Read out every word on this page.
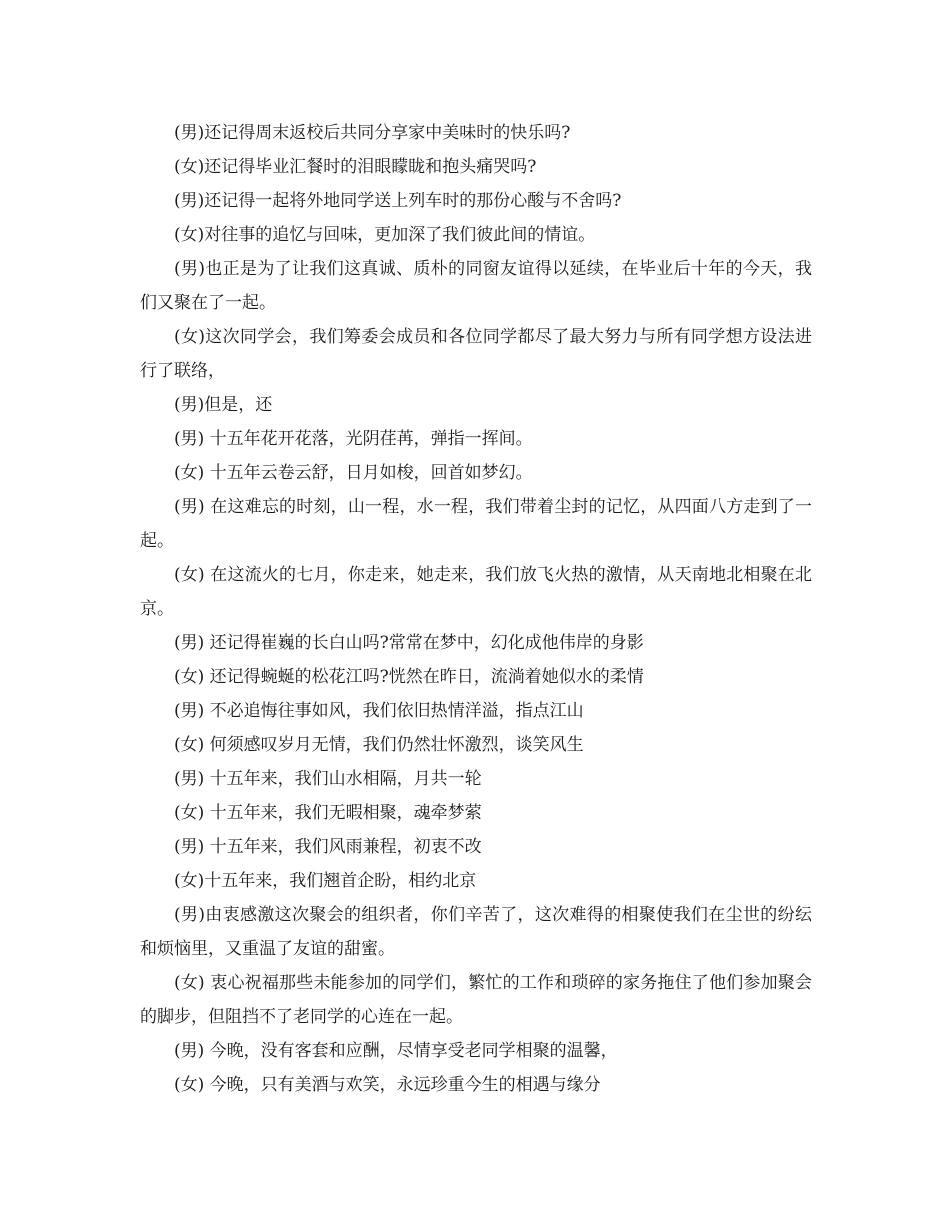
(男)还记得周末返校后共同分享家中美味时的快乐吗?

(女)还记得毕业汇餐时的泪眼矇眬和抱头痛哭吗?

(男)还记得一起将外地同学送上列车时的那份心酸与不舍吗?

(女)对往事的追忆与回味，更加深了我们彼此间的情谊。

(男)也正是为了让我们这真诚、质朴的同窗友谊得以延续，在毕业后十年的今天，我们又聚在了一起。

(女)这次同学会，我们筹委会成员和各位同学都尽了最大努力与所有同学想方设法进行了联络，

(男)但是，还

(男) 十五年花开花落，光阴荏苒，弹指一挥间。

(女) 十五年云卷云舒，日月如梭，回首如梦幻。

(男) 在这难忘的时刻，山一程，水一程，我们带着尘封的记忆，从四面八方走到了一起。

(女) 在这流火的七月，你走来，她走来，我们放飞火热的激情，从天南地北相聚在北京。

(男) 还记得崔巍的长白山吗?常常在梦中，幻化成他伟岸的身影

(女) 还记得蜿蜒的松花江吗?恍然在昨日，流淌着她似水的柔情

(男) 不必追悔往事如风，我们依旧热情洋溢，指点江山

(女) 何须感叹岁月无情，我们仍然壮怀激烈，谈笑风生

(男) 十五年来，我们山水相隔，月共一轮

(女) 十五年来，我们无暇相聚，魂牵梦萦

(男) 十五年来，我们风雨兼程，初衷不改

(女)十五年来，我们翘首企盼，相约北京

(男)由衷感激这次聚会的组织者，你们辛苦了，这次难得的相聚使我们在尘世的纷纭和烦恼里，又重温了友谊的甜蜜。

(女) 衷心祝福那些未能参加的同学们，繁忙的工作和琐碎的家务拖住了他们参加聚会的脚步，但阻挡不了老同学的心连在一起。

(男) 今晚，没有客套和应酬，尽情享受老同学相聚的温馨，

(女) 今晚，只有美酒与欢笑，永远珍重今生的相遇与缘分
